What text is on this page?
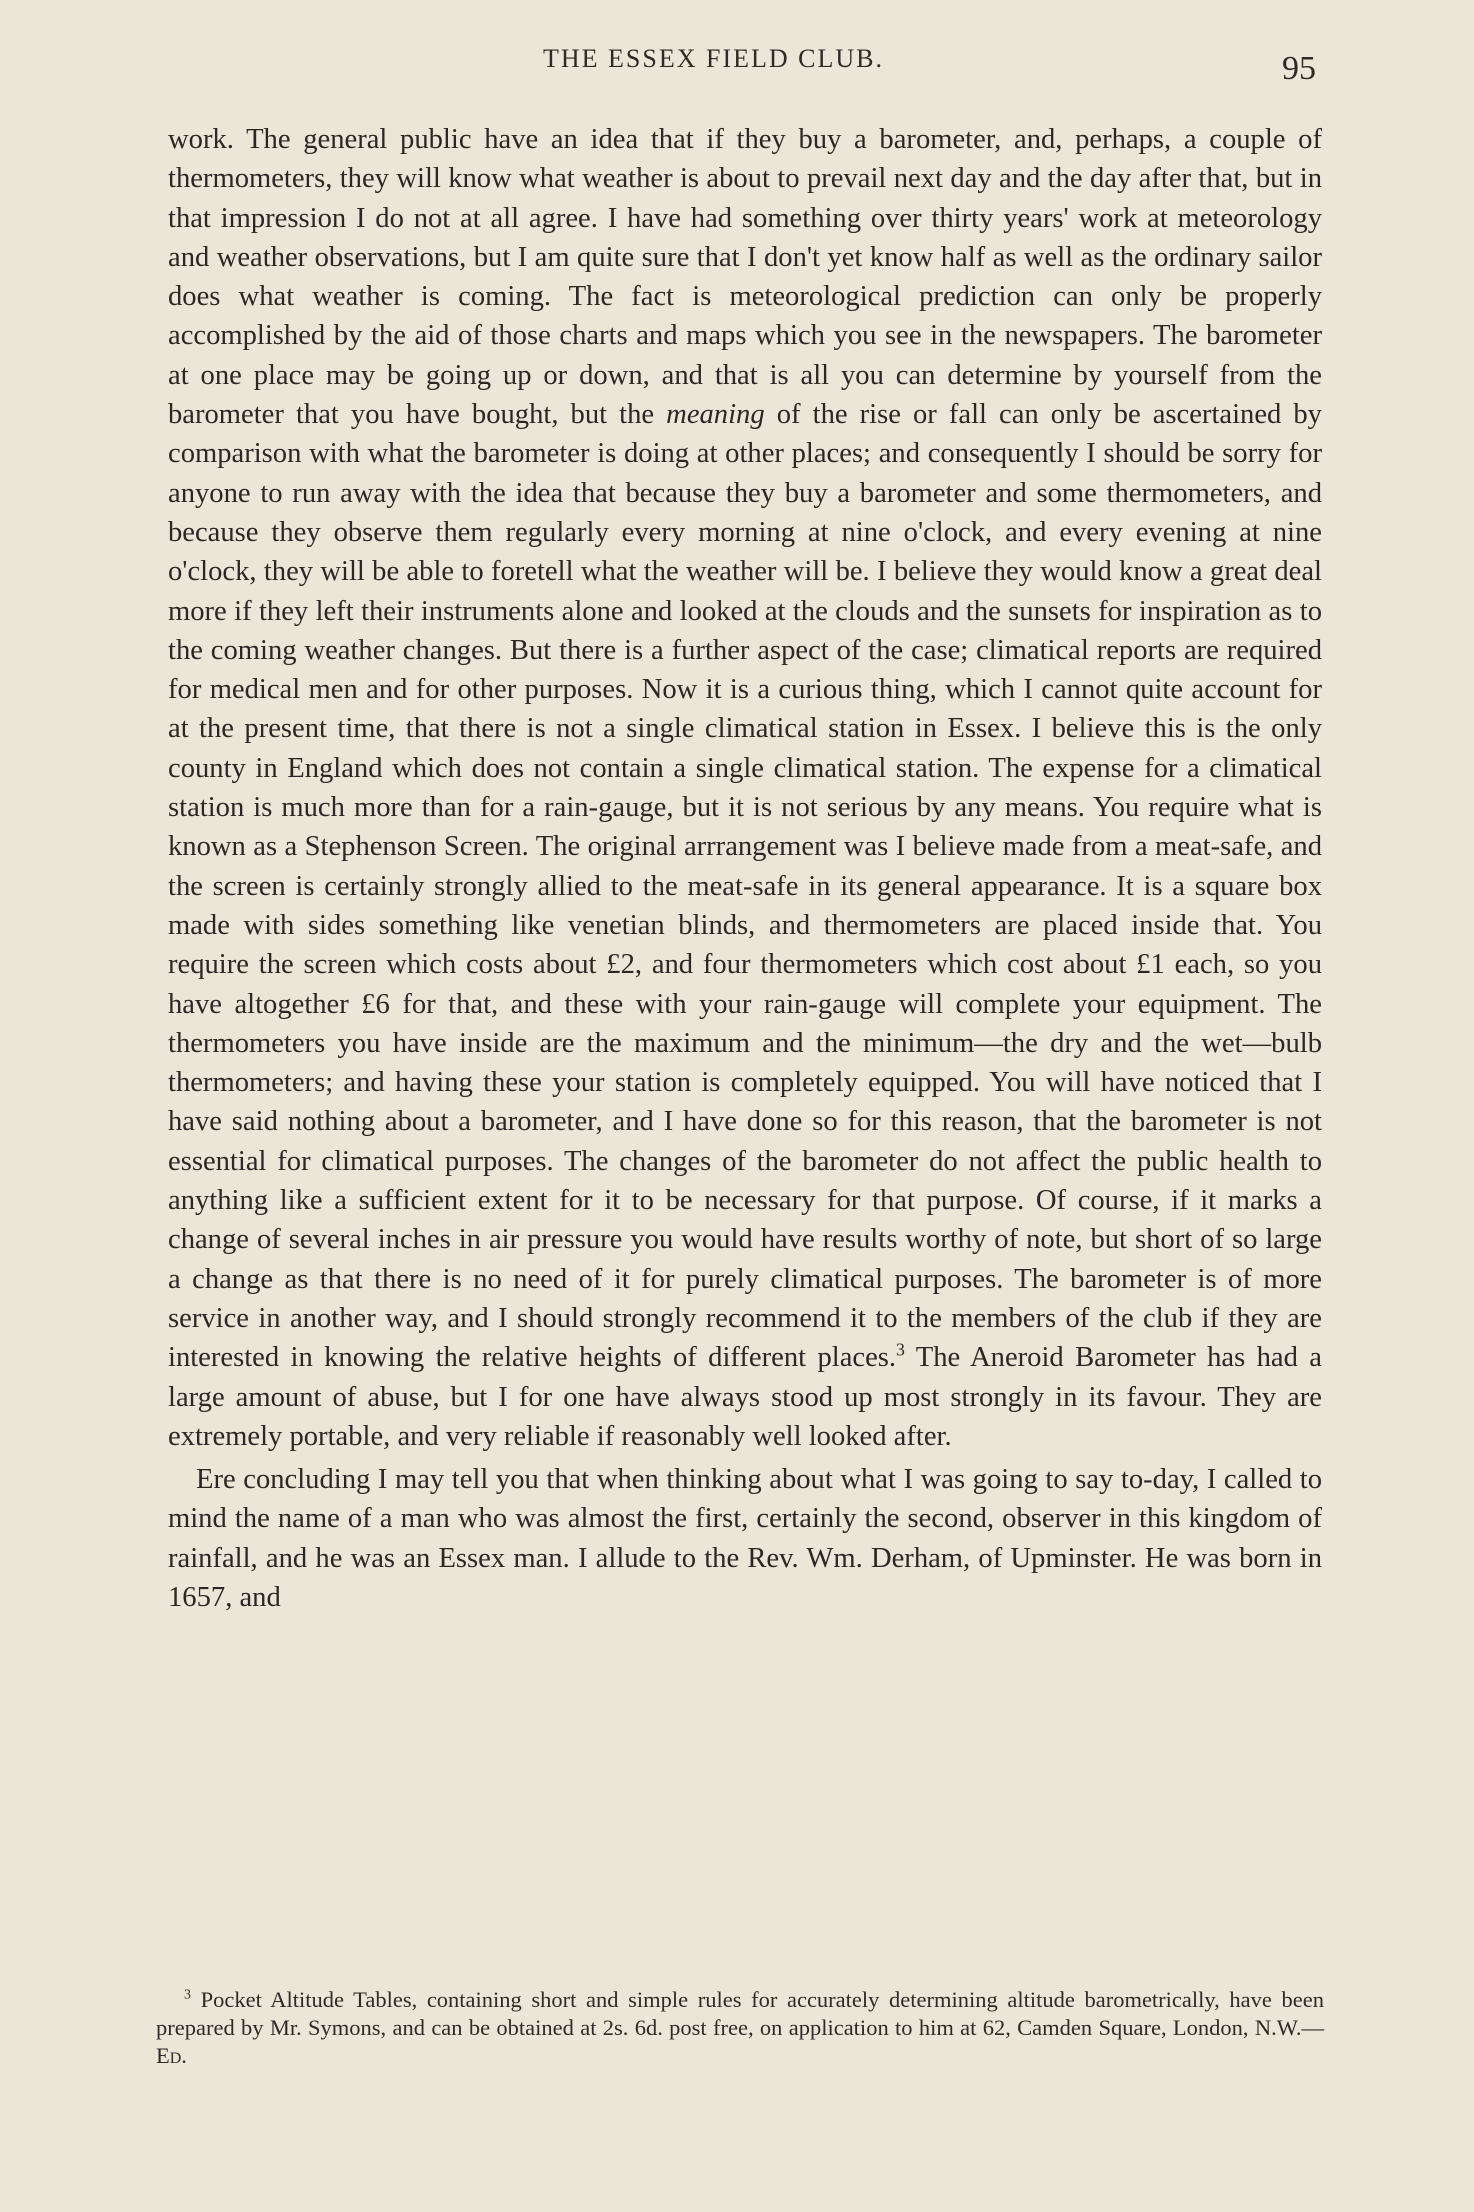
THE ESSEX FIELD CLUB.	95

work. The general public have an idea that if they buy a barometer, and, perhaps, a couple of thermometers, they will know what weather is about to prevail next day and the day after that, but in that impression I do not at all agree. I have had something over thirty years' work at meteorology and weather observations, but I am quite sure that I don't yet know half as well as the ordinary sailor does what weather is coming. The fact is meteorological prediction can only be properly accomplished by the aid of those charts and maps which you see in the newspapers. The barometer at one place may be going up or down, and that is all you can determine by yourself from the barometer that you have bought, but the meaning of the rise or fall can only be ascertained by comparison with what the barometer is doing at other places; and consequently I should be sorry for anyone to run away with the idea that because they buy a barometer and some thermometers, and because they observe them regularly every morning at nine o'clock, and every evening at nine o'clock, they will be able to foretell what the weather will be. I believe they would know a great deal more if they left their instruments alone and looked at the clouds and the sunsets for inspiration as to the coming weather changes. But there is a further aspect of the case; climatical reports are required for medical men and for other purposes. Now it is a curious thing, which I cannot quite account for at the present time, that there is not a single climatical station in Essex. I believe this is the only county in England which does not contain a single climatical station. The expense for a climatical station is much more than for a rain-gauge, but it is not serious by any means. You require what is known as a Stephenson Screen. The original arrrangement was I believe made from a meat-safe, and the screen is certainly strongly allied to the meat-safe in its general appearance. It is a square box made with sides something like venetian blinds, and thermometers are placed inside that. You require the screen which costs about £2, and four thermometers which cost about £1 each, so you have altogether £6 for that, and these with your rain-gauge will complete your equipment. The thermometers you have inside are the maximum and the minimum—the dry and the wet—bulb thermometers; and having these your station is completely equipped. You will have noticed that I have said nothing about a barometer, and I have done so for this reason, that the barometer is not essential for climatical purposes. The changes of the barometer do not affect the public health to anything like a sufficient extent for it to be necessary for that purpose. Of course, if it marks a change of several inches in air pressure you would have results worthy of note, but short of so large a change as that there is no need of it for purely climatical purposes. The barometer is of more service in another way, and I should strongly recommend it to the members of the club if they are interested in knowing the relative heights of different places.$^3$ The Aneroid Barometer has had a large amount of abuse, but I for one have always stood up most strongly in its favour. They are extremely portable, and very reliable if reasonably well looked after.

Ere concluding I may tell you that when thinking about what I was going to say to-day, I called to mind the name of a man who was almost the first, certainly the second, observer in this kingdom of rainfall, and he was an Essex man. I allude to the Rev. Wm. Derham, of Upminster. He was born in 1657, and

$^3$ Pocket Altitude Tables, containing short and simple rules for accurately determining altitude barometrically, have been prepared by Mr. Symons, and can be obtained at 2s. 6d. post free, on application to him at 62, Camden Square, London, N.W.—Ed.
